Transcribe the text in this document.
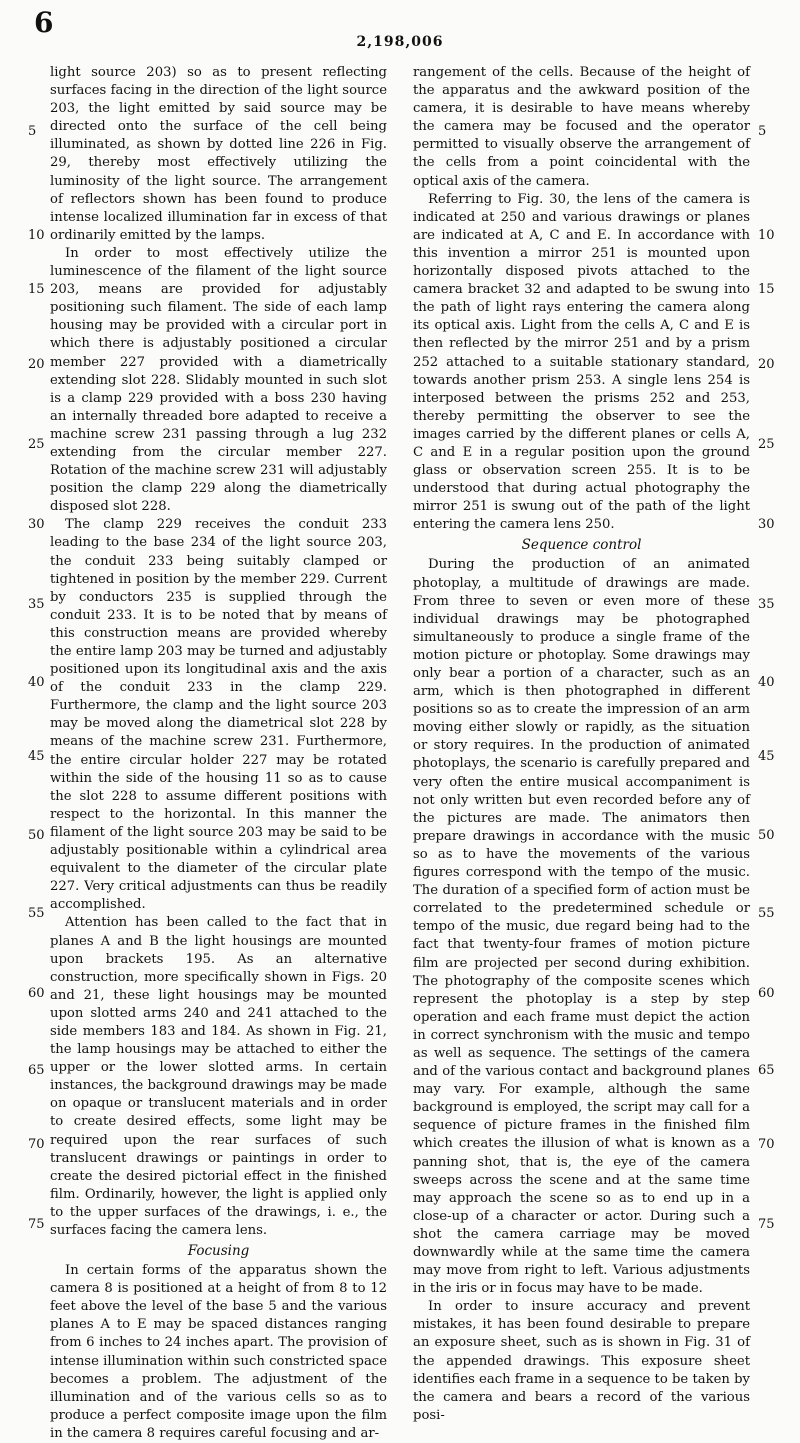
6
2,198,006

light source 203) so as to present reflecting surfaces facing in the direction of the light source 203, the light emitted by said source may be directed onto the surface of the cell being illuminated, as shown by dotted line 226 in Fig. 29, thereby most effectively utilizing the luminosity of the light source. The arrangement of reflectors shown has been found to produce intense localized illumination far in excess of that ordinarily emitted by the lamps.

In order to most effectively utilize the luminescence of the filament of the light source 203, means are provided for adjustably positioning such filament. The side of each lamp housing may be provided with a circular port in which there is adjustably positioned a circular member 227 provided with a diametrically extending slot 228. Slidably mounted in such slot is a clamp 229 provided with a boss 230 having an internally threaded bore adapted to receive a machine screw 231 passing through a lug 232 extending from the circular member 227. Rotation of the machine screw 231 will adjustably position the clamp 229 along the diametrically disposed slot 228.

The clamp 229 receives the conduit 233 leading to the base 234 of the light source 203, the conduit 233 being suitably clamped or tightened in position by the member 229. Current by conductors 235 is supplied through the conduit 233. It is to be noted that by means of this construction means are provided whereby the entire lamp 203 may be turned and adjustably positioned upon its longitudinal axis and the axis of the conduit 233 in the clamp 229. Furthermore, the clamp and the light source 203 may be moved along the diametrical slot 228 by means of the machine screw 231. Furthermore, the entire circular holder 227 may be rotated within the side of the housing 11 so as to cause the slot 228 to assume different positions with respect to the horizontal. In this manner the filament of the light source 203 may be said to be adjustably positionable within a cylindrical area equivalent to the diameter of the circular plate 227. Very critical adjustments can thus be readily accomplished.

Attention has been called to the fact that in planes A and B the light housings are mounted upon brackets 195. As an alternative construction, more specifically shown in Figs. 20 and 21, these light housings may be mounted upon slotted arms 240 and 241 attached to the side members 183 and 184. As shown in Fig. 21, the lamp housings may be attached to either the upper or the lower slotted arms. In certain instances, the background drawings may be made on opaque or translucent materials and in order to create desired effects, some light may be required upon the rear surfaces of such translucent drawings or paintings in order to create the desired pictorial effect in the finished film. Ordinarily, however, the light is applied only to the upper surfaces of the drawings, i. e., the surfaces facing the camera lens.

Focusing

In certain forms of the apparatus shown the camera 8 is positioned at a height of from 8 to 12 feet above the level of the base 5 and the various planes A to E may be spaced distances ranging from 6 inches to 24 inches apart. The provision of intense illumination within such constricted space becomes a problem. The adjustment of the illumination and of the various cells so as to produce a perfect composite image upon the film in the camera 8 requires careful focusing and ar-

rangement of the cells. Because of the height of the apparatus and the awkward position of the camera, it is desirable to have means whereby the camera may be focused and the operator permitted to visually observe the arrangement of the cells from a point coincidental with the optical axis of the camera.

Referring to Fig. 30, the lens of the camera is indicated at 250 and various drawings or planes are indicated at A, C and E. In accordance with this invention a mirror 251 is mounted upon horizontally disposed pivots attached to the camera bracket 32 and adapted to be swung into the path of light rays entering the camera along its optical axis. Light from the cells A, C and E is then reflected by the mirror 251 and by a prism 252 attached to a suitable stationary standard, towards another prism 253. A single lens 254 is interposed between the prisms 252 and 253, thereby permitting the observer to see the images carried by the different planes or cells A, C and E in a regular position upon the ground glass or observation screen 255. It is to be understood that during actual photography the mirror 251 is swung out of the path of the light entering the camera lens 250.

Sequence control

During the production of an animated photoplay, a multitude of drawings are made. From three to seven or even more of these individual drawings may be photographed simultaneously to produce a single frame of the motion picture or photoplay. Some drawings may only bear a portion of a character, such as an arm, which is then photographed in different positions so as to create the impression of an arm moving either slowly or rapidly, as the situation or story requires. In the production of animated photoplays, the scenario is carefully prepared and very often the entire musical accompaniment is not only written but even recorded before any of the pictures are made. The animators then prepare drawings in accordance with the music so as to have the movements of the various figures correspond with the tempo of the music. The duration of a specified form of action must be correlated to the predetermined schedule or tempo of the music, due regard being had to the fact that twenty-four frames of motion picture film are projected per second during exhibition. The photography of the composite scenes which represent the photoplay is a step by step operation and each frame must depict the action in correct synchronism with the music and tempo as well as sequence. The settings of the camera and of the various contact and background planes may vary. For example, although the same background is employed, the script may call for a sequence of picture frames in the finished film which creates the illusion of what is known as a panning shot, that is, the eye of the camera sweeps across the scene and at the same time may approach the scene so as to end up in a close-up of a character or actor. During such a shot the camera carriage may be moved downwardly while at the same time the camera may move from right to left. Various adjustments in the iris or in focus may have to be made.

In order to insure accuracy and prevent mistakes, it has been found desirable to prepare an exposure sheet, such as is shown in Fig. 31 of the appended drawings. This exposure sheet identifies each frame in a sequence to be taken by the camera and bears a record of the various posi-

5
10
15
20
25
30
35
40
45
50
55
60
65
70
75
5
10
15
20
25
30
35
40
45
50
55
60
65
70
75
